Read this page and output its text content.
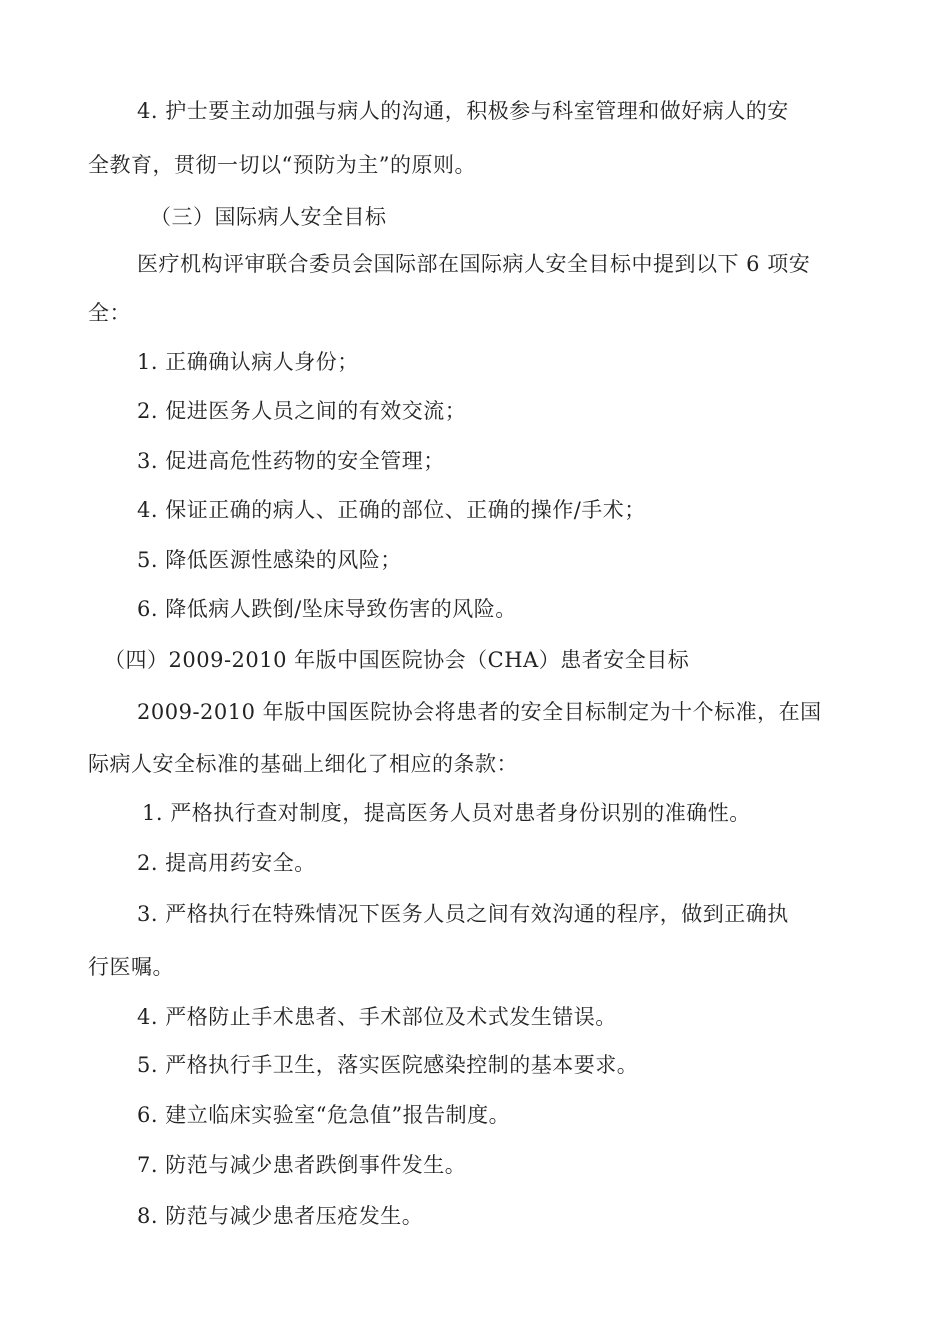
4. 护士要主动加强与病人的沟通，积极参与科室管理和做好病人的安
全教育，贯彻一切以“预防为主”的原则。
（三）国际病人安全目标
医疗机构评审联合委员会国际部在国际病人安全目标中提到以下 6 项安
全：
1. 正确确认病人身份；
2. 促进医务人员之间的有效交流；
3. 促进高危性药物的安全管理；
4. 保证正确的病人、正确的部位、正确的操作/手术；
5. 降低医源性感染的风险；
6. 降低病人跌倒/坠床导致伤害的风险。
（四）2009-2010 年版中国医院协会（CHA）患者安全目标
2009-2010 年版中国医院协会将患者的安全目标制定为十个标准，在国
际病人安全标准的基础上细化了相应的条款：
1. 严格执行查对制度，提高医务人员对患者身份识别的准确性。
2. 提高用药安全。
3. 严格执行在特殊情况下医务人员之间有效沟通的程序，做到正确执
行医嘱。
4. 严格防止手术患者、手术部位及术式发生错误。
5. 严格执行手卫生，落实医院感染控制的基本要求。
6. 建立临床实验室“危急值”报告制度。
7. 防范与减少患者跌倒事件发生。
8. 防范与减少患者压疮发生。
